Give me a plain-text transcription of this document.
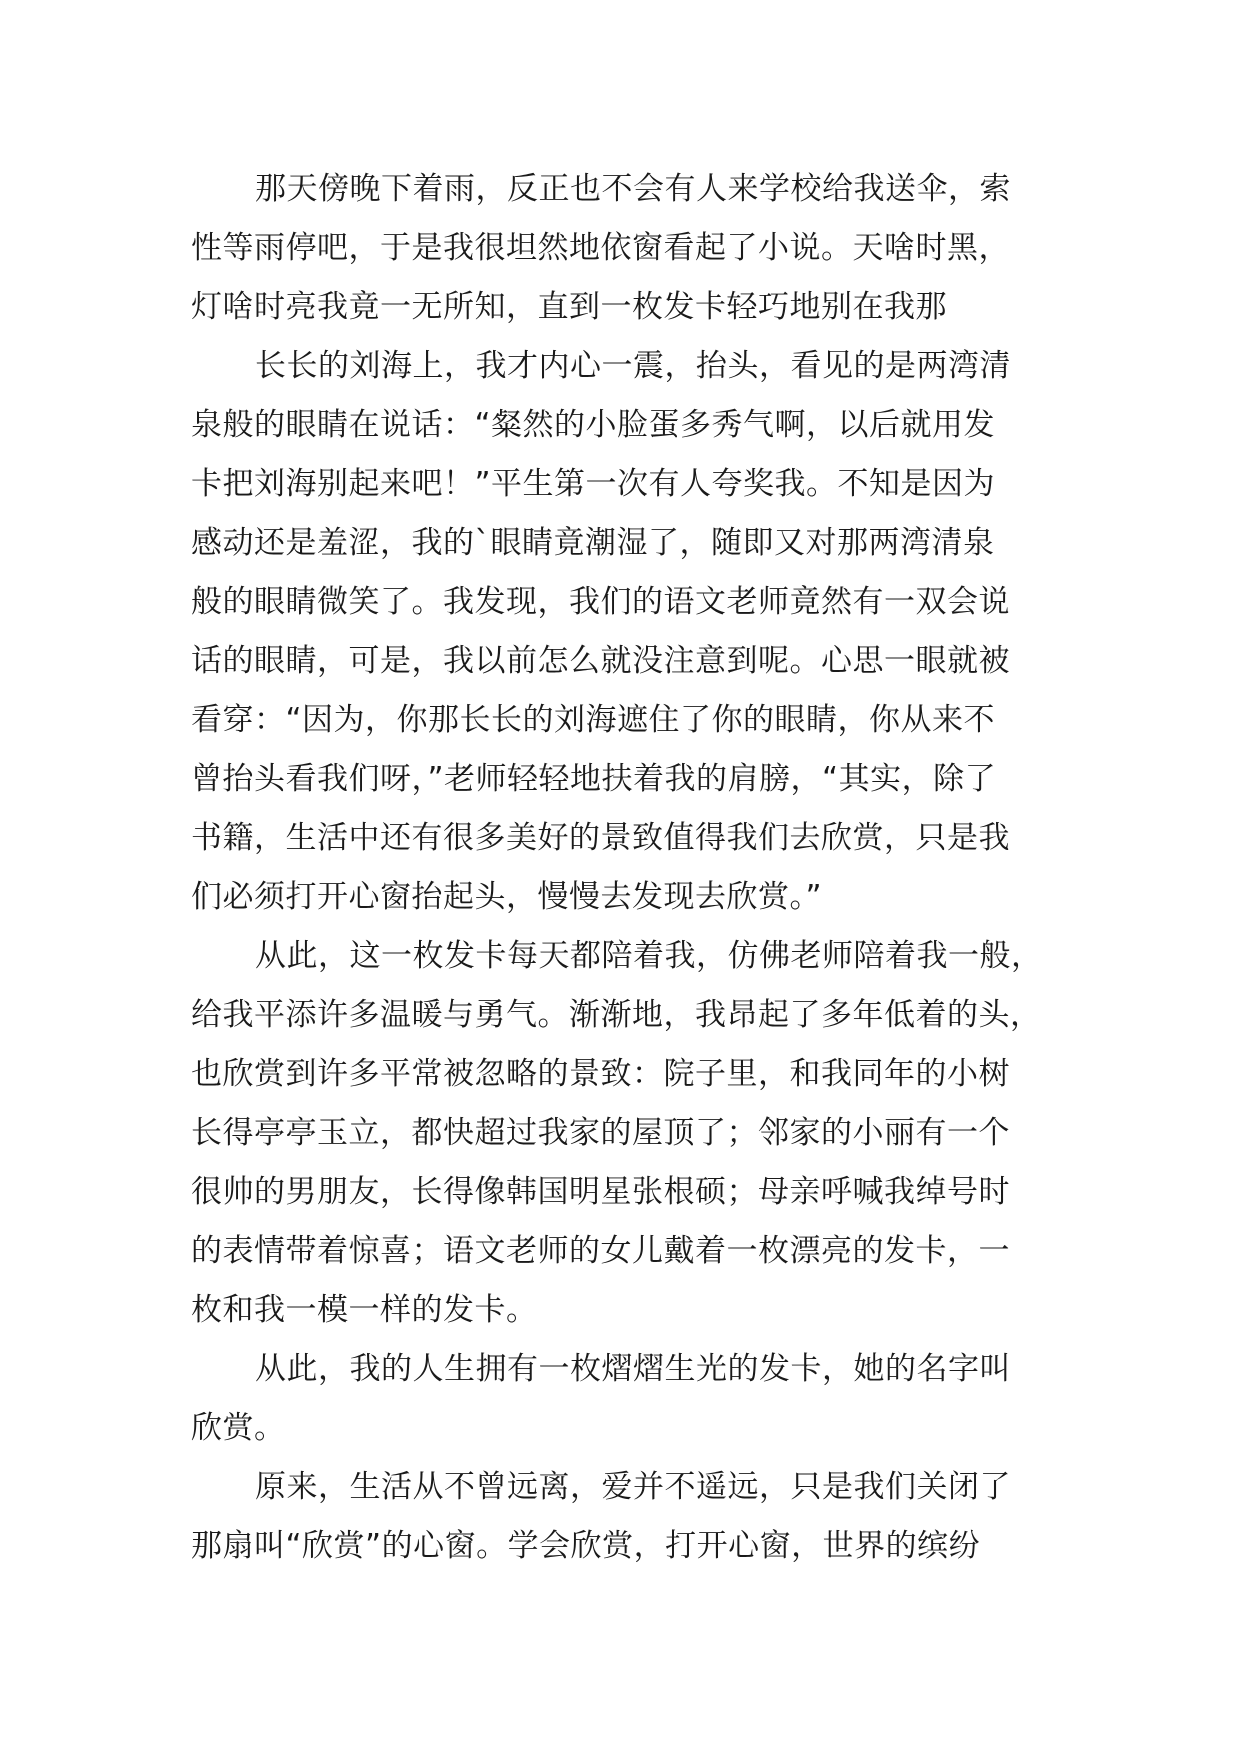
那天傍晚下着雨，反正也不会有人来学校给我送伞，索
性等雨停吧，于是我很坦然地依窗看起了小说。天啥时黑，
灯啥时亮我竟一无所知，直到一枚发卡轻巧地别在我那
长长的刘海上，我才内心一震，抬头，看见的是两湾清
泉般的眼睛在说话：“粲然的小脸蛋多秀气啊，以后就用发
卡把刘海别起来吧！”平生第一次有人夸奖我。不知是因为
感动还是羞涩，我的`眼睛竟潮湿了，随即又对那两湾清泉
般的眼睛微笑了。我发现，我们的语文老师竟然有一双会说
话的眼睛，可是，我以前怎么就没注意到呢。心思一眼就被
看穿：“因为，你那长长的刘海遮住了你的眼睛，你从来不
曾抬头看我们呀，”老师轻轻地扶着我的肩膀，“其实，除了
书籍，生活中还有很多美好的景致值得我们去欣赏，只是我
们必须打开心窗抬起头，慢慢去发现去欣赏。”
从此，这一枚发卡每天都陪着我，仿佛老师陪着我一般，
给我平添许多温暖与勇气。渐渐地，我昂起了多年低着的头，
也欣赏到许多平常被忽略的景致：院子里，和我同年的小树
长得亭亭玉立，都快超过我家的屋顶了；邻家的小丽有一个
很帅的男朋友，长得像韩国明星张根硕；母亲呼喊我绰号时
的表情带着惊喜；语文老师的女儿戴着一枚漂亮的发卡，一
枚和我一模一样的发卡。
从此，我的人生拥有一枚熠熠生光的发卡，她的名字叫
欣赏。
原来，生活从不曾远离，爱并不遥远，只是我们关闭了
那扇叫“欣赏”的心窗。学会欣赏，打开心窗，世界的缤纷
